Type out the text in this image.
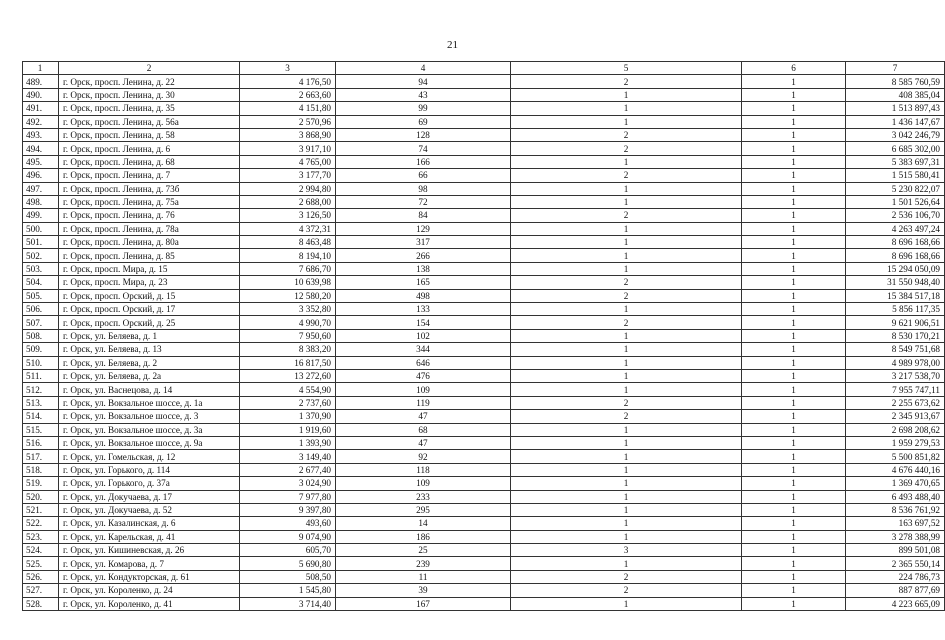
21
1	2	3	4	5	6	7
489.	г. Орск, просп. Ленина, д. 22	4 176,50	94	2	1	8 585 760,59
490.	г. Орск, просп. Ленина, д. 30	2 663,60	43	1	1	408 385,04
491.	г. Орск, просп. Ленина, д. 35	4 151,80	99	1	1	1 513 897,43
492.	г. Орск, просп. Ленина, д. 56а	2 570,96	69	1	1	1 436 147,67
493.	г. Орск, просп. Ленина, д. 58	3 868,90	128	2	1	3 042 246,79
494.	г. Орск, просп. Ленина, д. 6	3 917,10	74	2	1	6 685 302,00
495.	г. Орск, просп. Ленина, д. 68	4 765,00	166	1	1	5 383 697,31
496.	г. Орск, просп. Ленина, д. 7	3 177,70	66	2	1	1 515 580,41
497.	г. Орск, просп. Ленина, д. 73б	2 994,80	98	1	1	5 230 822,07
498.	г. Орск, просп. Ленина, д. 75а	2 688,00	72	1	1	1 501 526,64
499.	г. Орск, просп. Ленина, д. 76	3 126,50	84	2	1	2 536 106,70
500.	г. Орск, просп. Ленина, д. 78а	4 372,31	129	1	1	4 263 497,24
501.	г. Орск, просп. Ленина, д. 80а	8 463,48	317	1	1	8 696 168,66
502.	г. Орск, просп. Ленина, д. 85	8 194,10	266	1	1	8 696 168,66
503.	г. Орск, просп. Мира, д. 15	7 686,70	138	1	1	15 294 050,09
504.	г. Орск, просп. Мира, д. 23	10 639,98	165	2	1	31 550 948,40
505.	г. Орск, просп. Орский, д. 15	12 580,20	498	2	1	15 384 517,18
506.	г. Орск, просп. Орский, д. 17	3 352,80	133	1	1	5 856 117,35
507.	г. Орск, просп. Орский, д. 25	4 990,70	154	2	1	9 621 906,51
508.	г. Орск, ул. Беляева, д. 1	7 950,60	102	1	1	8 530 170,21
509.	г. Орск, ул. Беляева, д. 13	8 383,20	344	1	1	8 549 751,68
510.	г. Орск, ул. Беляева, д. 2	16 817,50	646	1	1	4 989 978,00
511.	г. Орск, ул. Беляева, д. 2а	13 272,60	476	1	1	3 217 538,70
512.	г. Орск, ул. Васнецова, д. 14	4 554,90	109	1	1	7 955 747,11
513.	г. Орск, ул. Вокзальное шоссе, д. 1а	2 737,60	119	2	1	2 255 673,62
514.	г. Орск, ул. Вокзальное шоссе, д. 3	1 370,90	47	2	1	2 345 913,67
515.	г. Орск, ул. Вокзальное шоссе, д. 3а	1 919,60	68	1	1	2 698 208,62
516.	г. Орск, ул. Вокзальное шоссе, д. 9а	1 393,90	47	1	1	1 959 279,53
517.	г. Орск, ул. Гомельская, д. 12	3 149,40	92	1	1	5 500 851,82
518.	г. Орск, ул. Горького, д. 114	2 677,40	118	1	1	4 676 440,16
519.	г. Орск, ул. Горького, д. 37а	3 024,90	109	1	1	1 369 470,65
520.	г. Орск, ул. Докучаева, д. 17	7 977,80	233	1	1	6 493 488,40
521.	г. Орск, ул. Докучаева, д. 52	9 397,80	295	1	1	8 536 761,92
522.	г. Орск, ул. Казалинская, д. 6	493,60	14	1	1	163 697,52
523.	г. Орск, ул. Карельская, д. 41	9 074,90	186	1	1	3 278 388,99
524.	г. Орск, ул. Кишиневская, д. 26	605,70	25	3	1	899 501,08
525.	г. Орск, ул. Комарова, д. 7	5 690,80	239	1	1	2 365 550,14
526.	г. Орск, ул. Кондукторская, д. 61	508,50	11	2	1	224 786,73
527.	г. Орск, ул. Короленко, д. 24	1 545,80	39	2	1	887 877,69
528.	г. Орск, ул. Короленко, д. 41	3 714,40	167	1	1	4 223 665,09
